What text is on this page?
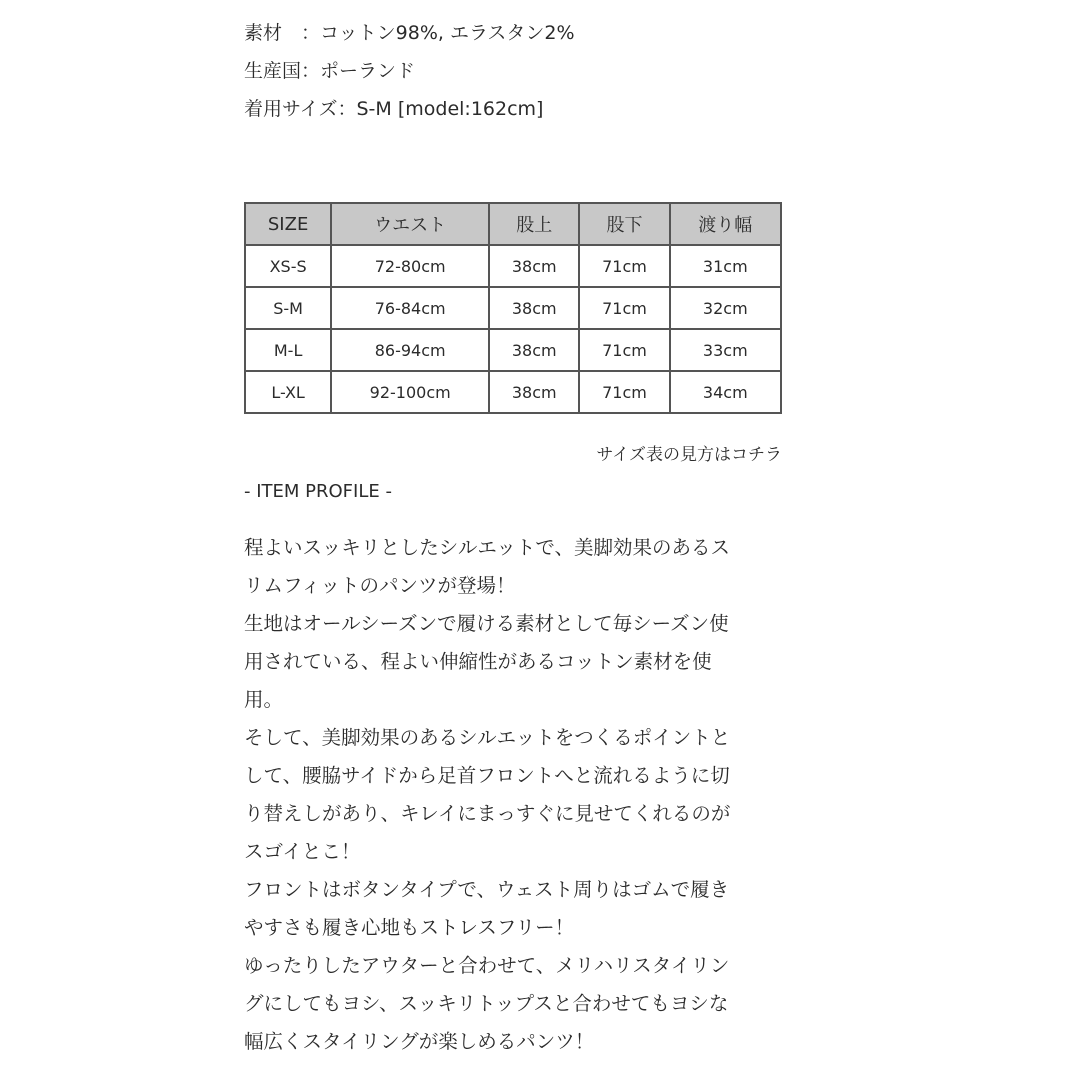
素材　：コットン98%, エラスタン2%
生産国：ポーランド
着用サイズ：S-M [model:162cm]
SIZE	ウエスト	股上	股下	渡り幅
XS-S	72-80cm	38cm	71cm	31cm
S-M	76-84cm	38cm	71cm	32cm
M-L	86-94cm	38cm	71cm	33cm
L-XL	92-100cm	38cm	71cm	34cm
サイズ表の見方はコチラ
- ITEM PROFILE -
程よいスッキリとしたシルエットで、美脚効果のあるス
リムフィットのパンツが登場！
生地はオールシーズンで履ける素材として毎シーズン使
用されている、程よい伸縮性があるコットン素材を使
用。
そして、美脚効果のあるシルエットをつくるポイントと
して、腰脇サイドから足首フロントへと流れるように切
り替えしがあり、キレイにまっすぐに見せてくれるのが
スゴイとこ！
フロントはボタンタイプで、ウェスト周りはゴムで履き
やすさも履き心地もストレスフリー！
ゆったりしたアウターと合わせて、メリハリスタイリン
グにしてもヨシ、スッキリトップスと合わせてもヨシな
幅広くスタイリングが楽しめるパンツ！
